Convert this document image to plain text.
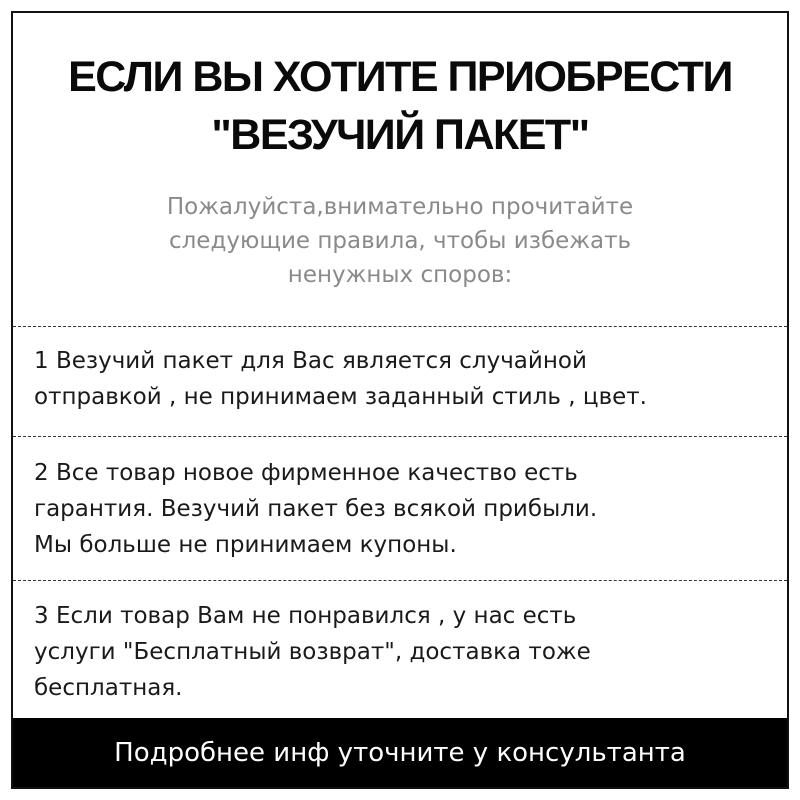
ЕСЛИ ВЫ ХОТИТЕ ПРИОБРЕСТИ
"ВЕЗУЧИЙ ПАКЕТ"
Пожалуйста,внимательно прочитайте
следующие правила, чтобы избежать
ненужных споров:
1 Везучий пакет для Вас является случайной
отправкой , не принимаем заданный стиль , цвет.
2 Все товар новое фирменное качество есть
гарантия. Везучий пакет без всякой прибыли.
Мы больше не принимаем купоны.
3 Если товар Вам не понравился , у нас есть
услуги "Бесплатный возврат", доставка тоже
бесплатная.
Подробнее инф уточните у консультанта
